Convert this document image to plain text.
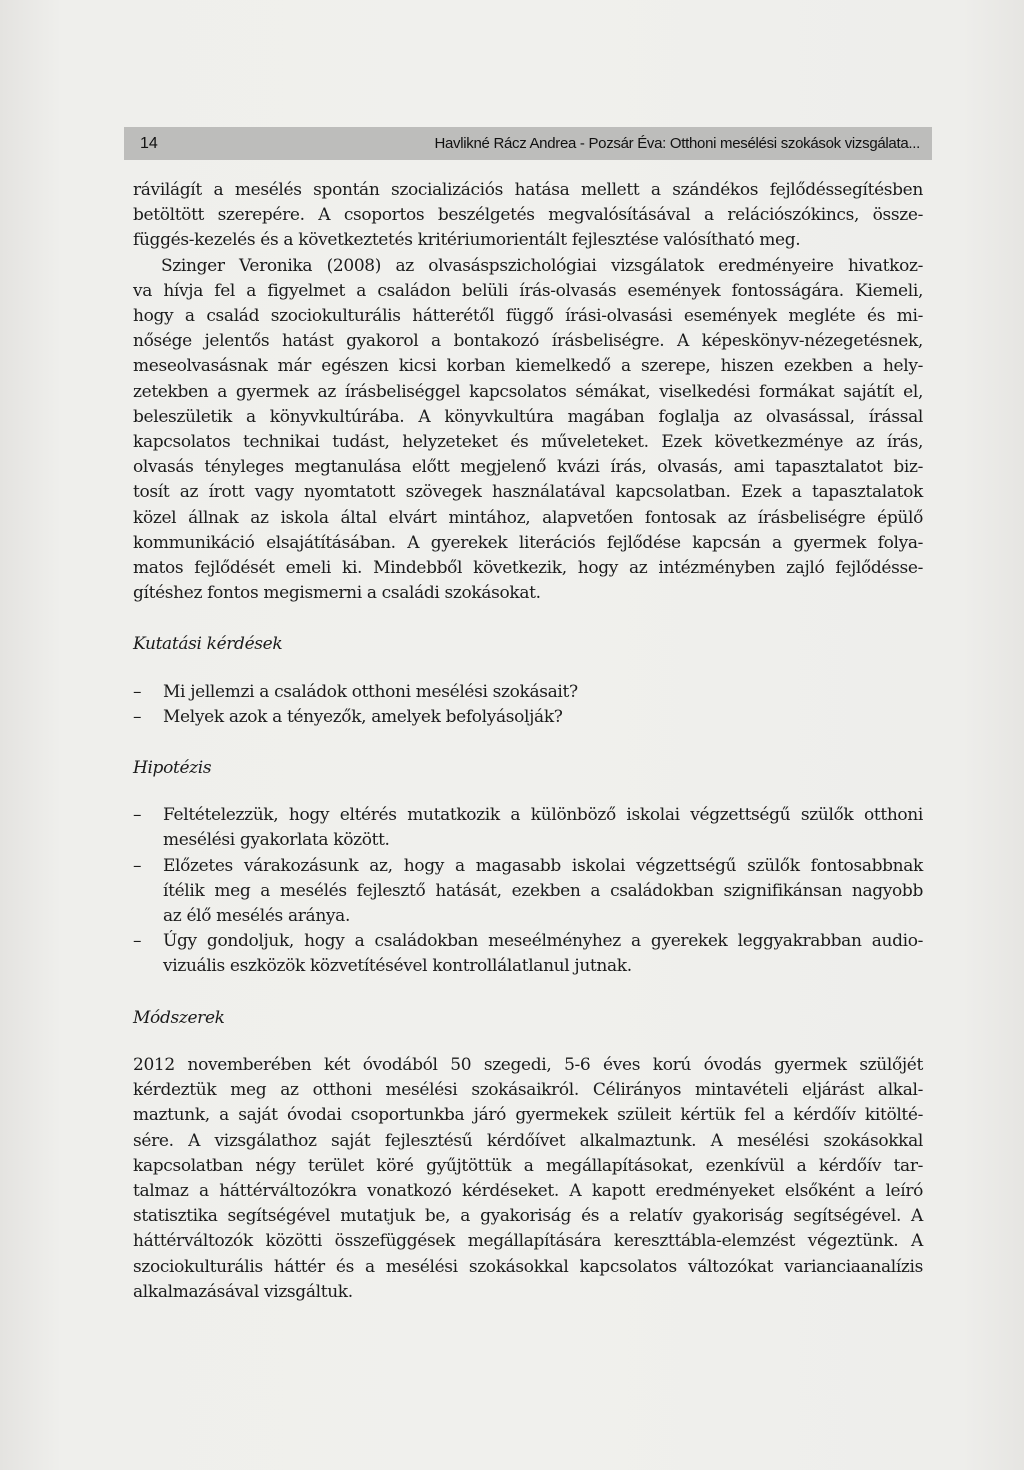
14	Havlikné Rácz Andrea - Pozsár Éva: Otthoni mesélési szokások vizsgálata...

rávilágít a mesélés spontán szocializációs hatása mellett a szándékos fejlődéssegítésben
betöltött szerepére. A csoportos beszélgetés megvalósításával a relációszókincs, össze-
függés-kezelés és a következtetés kritériumorientált fejlesztése valósítható meg.

Szinger Veronika (2008) az olvasáspszichológiai vizsgálatok eredményeire hivatkoz-
va hívja fel a figyelmet a családon belüli írás-olvasás események fontosságára. Kiemeli,
hogy a család szociokulturális hátterétől függő írási-olvasási események megléte és mi-
nősége jelentős hatást gyakorol a bontakozó írásbeliségre. A képeskönyv-nézegetésnek,
meseolvasásnak már egészen kicsi korban kiemelkedő a szerepe, hiszen ezekben a hely-
zetekben a gyermek az írásbeliséggel kapcsolatos sémákat, viselkedési formákat sajátít el,
beleszületik a könyvkultúrába. A könyvkultúra magában foglalja az olvasással, írással
kapcsolatos technikai tudást, helyzeteket és műveleteket. Ezek következménye az írás,
olvasás tényleges megtanulása előtt megjelenő kvázi írás, olvasás, ami tapasztalatot biz-
tosít az írott vagy nyomtatott szövegek használatával kapcsolatban. Ezek a tapasztalatok
közel állnak az iskola által elvárt mintához, alapvetően fontosak az írásbeliségre épülő
kommunikáció elsajátításában. A gyerekek literációs fejlődése kapcsán a gyermek folya-
matos fejlődését emeli ki. Mindebből következik, hogy az intézményben zajló fejlődésse-
gítéshez fontos megismerni a családi szokásokat.

Kutatási kérdések

– Mi jellemzi a családok otthoni mesélési szokásait?
– Melyek azok a tényezők, amelyek befolyásolják?

Hipotézis

– Feltételezzük, hogy eltérés mutatkozik a különböző iskolai végzettségű szülők otthoni
mesélési gyakorlata között.
– Előzetes várakozásunk az, hogy a magasabb iskolai végzettségű szülők fontosabbnak
ítélik meg a mesélés fejlesztő hatását, ezekben a családokban szignifikánsan nagyobb
az élő mesélés aránya.
– Úgy gondoljuk, hogy a családokban meseélményhez a gyerekek leggyakrabban audio-
vizuális eszközök közvetítésével kontrollálatlanul jutnak.

Módszerek

2012 novemberében két óvodából 50 szegedi, 5-6 éves korú óvodás gyermek szülőjét
kérdeztük meg az otthoni mesélési szokásaikról. Célirányos mintavételi eljárást alkal-
maztunk, a saját óvodai csoportunkba járó gyermekek szüleit kértük fel a kérdőív kitölté-
sére. A vizsgálathoz saját fejlesztésű kérdőívet alkalmaztunk. A mesélési szokásokkal
kapcsolatban négy terület köré gyűjtöttük a megállapításokat, ezenkívül a kérdőív tar-
talmaz a háttérváltozókra vonatkozó kérdéseket. A kapott eredményeket elsőként a leíró
statisztika segítségével mutatjuk be, a gyakoriság és a relatív gyakoriság segítségével. A
háttérváltozók közötti összefüggések megállapítására kereszttábla-elemzést végeztünk. A
szociokulturális háttér és a mesélési szokásokkal kapcsolatos változókat varianciaanalízis
alkalmazásával vizsgáltuk.
